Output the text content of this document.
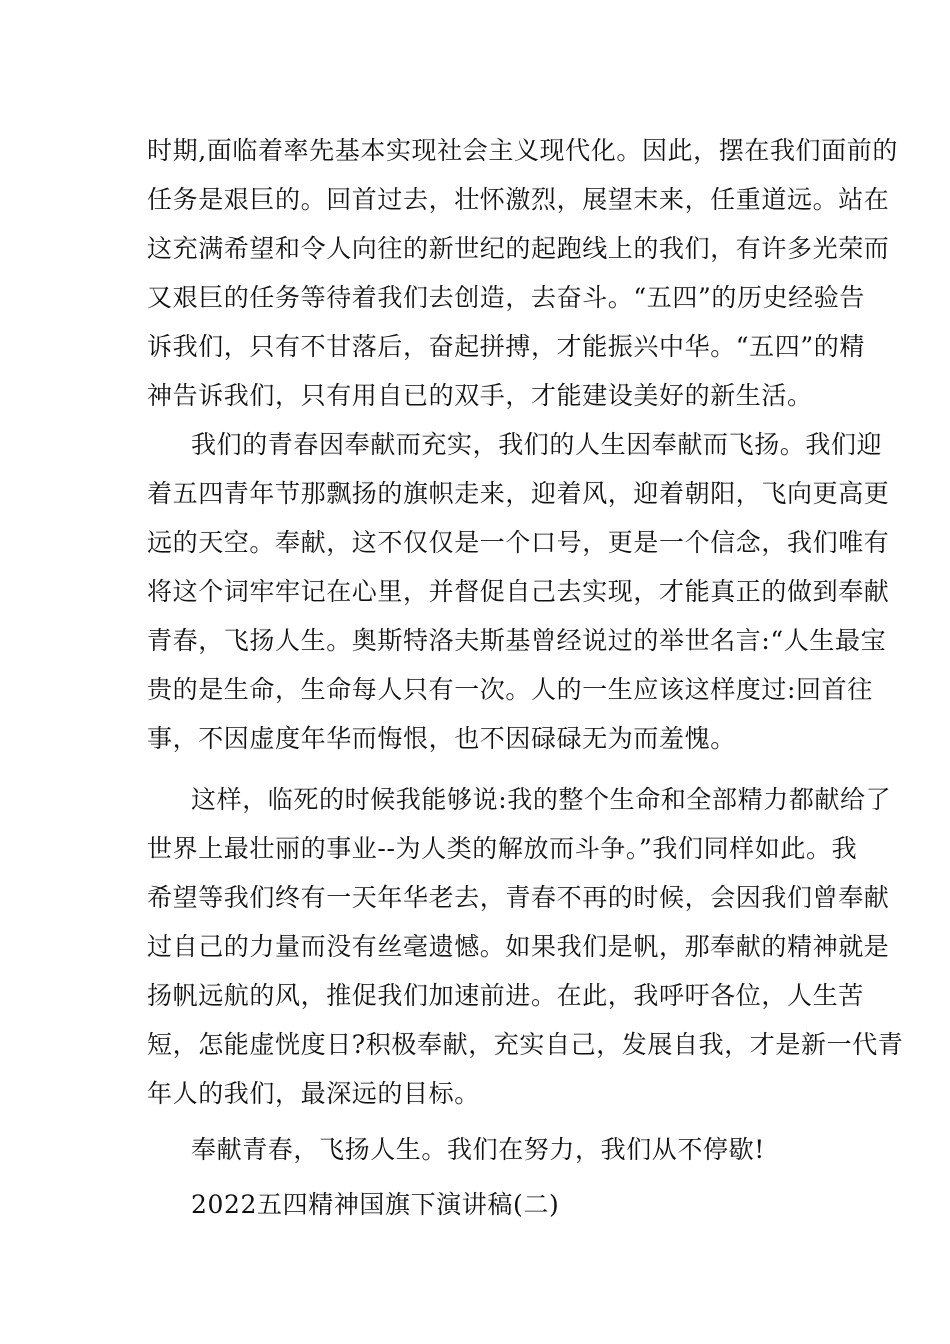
时期,面临着率先基本实现社会主义现代化。因此，摆在我们面前的
任务是艰巨的。回首过去，壮怀激烈，展望末来，任重道远。站在
这充满希望和令人向往的新世纪的起跑线上的我们，有许多光荣而
又艰巨的任务等待着我们去创造，去奋斗。“五四”的历史经验告
诉我们，只有不甘落后，奋起拼搏，才能振兴中华。“五四”的精
神告诉我们，只有用自已的双手，才能建设美好的新生活。
我们的青春因奉献而充实，我们的人生因奉献而飞扬。我们迎
着五四青年节那飘扬的旗帜走来，迎着风，迎着朝阳，飞向更高更
远的天空。奉献，这不仅仅是一个口号，更是一个信念，我们唯有
将这个词牢牢记在心里，并督促自己去实现，才能真正的做到奉献
青春，飞扬人生。奥斯特洛夫斯基曾经说过的举世名言:“人生最宝
贵的是生命，生命每人只有一次。人的一生应该这样度过:回首往
事，不因虚度年华而悔恨，也不因碌碌无为而羞愧。
这样，临死的时候我能够说:我的整个生命和全部精力都献给了
世界上最壮丽的事业--为人类的解放而斗争。”我们同样如此。我
希望等我们终有一天年华老去，青春不再的时候，会因我们曾奉献
过自己的力量而没有丝毫遗憾。如果我们是帆，那奉献的精神就是
扬帆远航的风，推促我们加速前进。在此，我呼吁各位，人生苦
短，怎能虚恍度日?积极奉献，充实自己，发展自我，才是新一代青
年人的我们，最深远的目标。
奉献青春，飞扬人生。我们在努力，我们从不停歇!
2022五四精神国旗下演讲稿(二)
